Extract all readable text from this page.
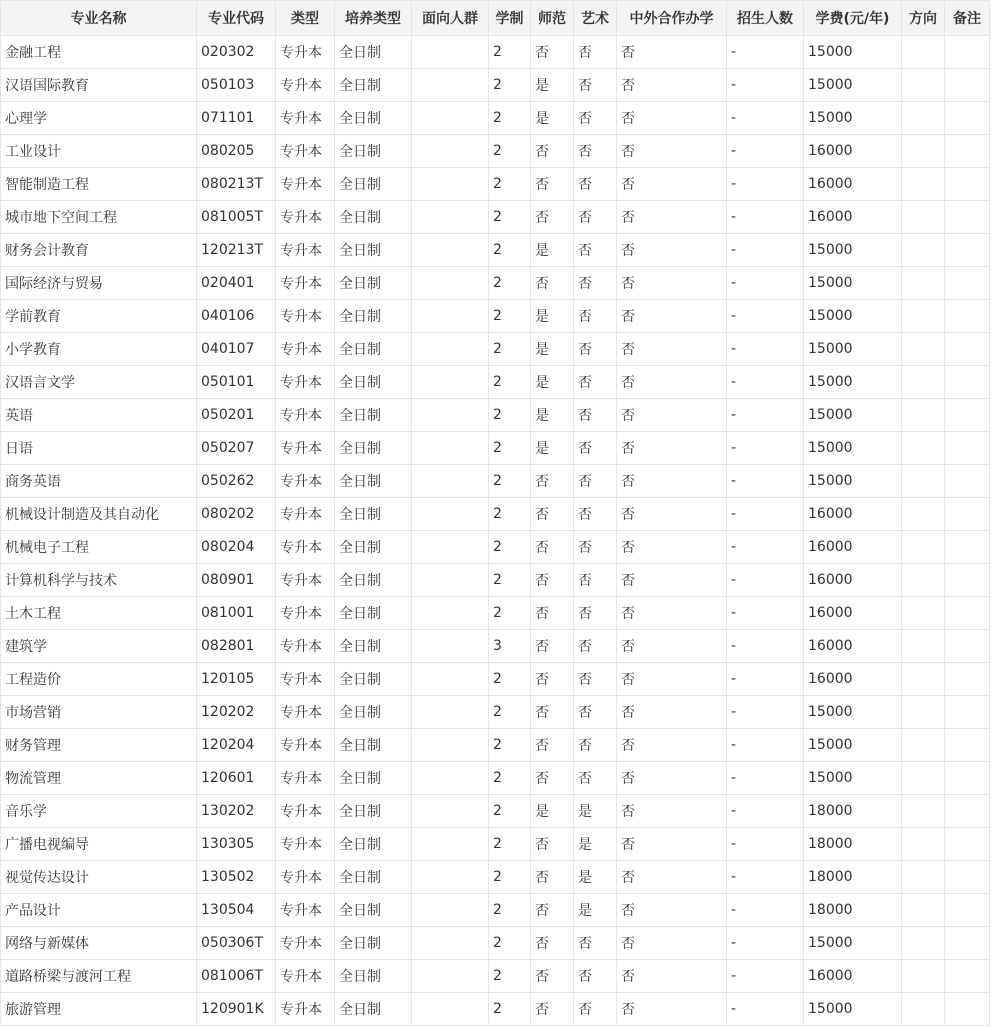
专业名称	专业代码	类型	培养类型	面向人群	学制	师范	艺术	中外合作办学	招生人数	学费(元/年)	方向	备注
金融工程	020302	专升本	全日制		2	否	否	否	-	15000		
汉语国际教育	050103	专升本	全日制		2	是	否	否	-	15000		
心理学	071101	专升本	全日制		2	是	否	否	-	15000		
工业设计	080205	专升本	全日制		2	否	否	否	-	16000		
智能制造工程	080213T	专升本	全日制		2	否	否	否	-	16000		
城市地下空间工程	081005T	专升本	全日制		2	否	否	否	-	16000		
财务会计教育	120213T	专升本	全日制		2	是	否	否	-	15000		
国际经济与贸易	020401	专升本	全日制		2	否	否	否	-	15000		
学前教育	040106	专升本	全日制		2	是	否	否	-	15000		
小学教育	040107	专升本	全日制		2	是	否	否	-	15000		
汉语言文学	050101	专升本	全日制		2	是	否	否	-	15000		
英语	050201	专升本	全日制		2	是	否	否	-	15000		
日语	050207	专升本	全日制		2	是	否	否	-	15000		
商务英语	050262	专升本	全日制		2	否	否	否	-	15000		
机械设计制造及其自动化	080202	专升本	全日制		2	否	否	否	-	16000		
机械电子工程	080204	专升本	全日制		2	否	否	否	-	16000		
计算机科学与技术	080901	专升本	全日制		2	否	否	否	-	16000		
土木工程	081001	专升本	全日制		2	否	否	否	-	16000		
建筑学	082801	专升本	全日制		3	否	否	否	-	16000		
工程造价	120105	专升本	全日制		2	否	否	否	-	16000		
市场营销	120202	专升本	全日制		2	否	否	否	-	15000		
财务管理	120204	专升本	全日制		2	否	否	否	-	15000		
物流管理	120601	专升本	全日制		2	否	否	否	-	15000		
音乐学	130202	专升本	全日制		2	是	是	否	-	18000		
广播电视编导	130305	专升本	全日制		2	否	是	否	-	18000		
视觉传达设计	130502	专升本	全日制		2	否	是	否	-	18000		
产品设计	130504	专升本	全日制		2	否	是	否	-	18000		
网络与新媒体	050306T	专升本	全日制		2	否	否	否	-	15000		
道路桥梁与渡河工程	081006T	专升本	全日制		2	否	否	否	-	16000		
旅游管理	120901K	专升本	全日制		2	否	否	否	-	15000		
